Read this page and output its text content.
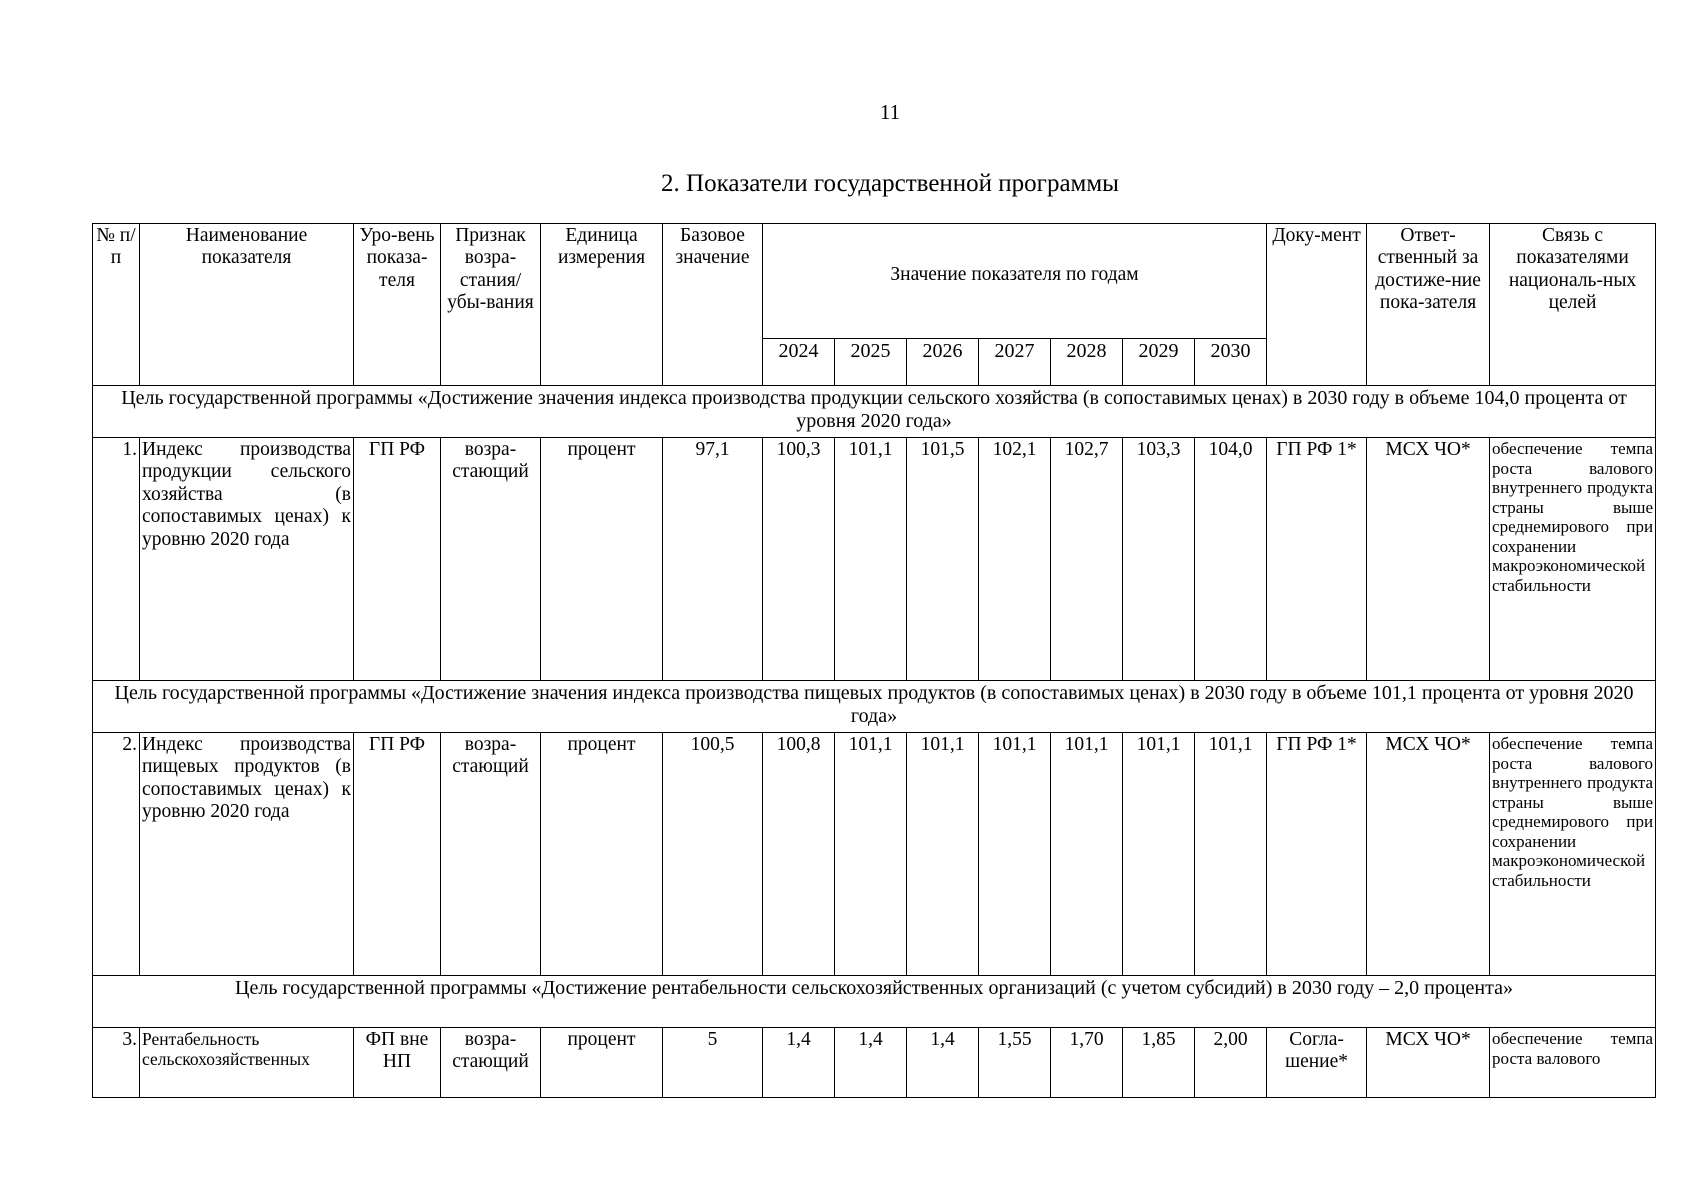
11
2. Показатели государственной программы
№ п/п	Наименование показателя	Уро-вень показа-теля	Признак возра-стания/ убы-вания	Единица измерения	Базовое значение	Значение показателя по годам							Доку-мент	Ответ-ственный за достиже-ние пока-зателя	Связь с показателями националь-ных целей
						2024	2025	2026	2027	2028	2029	2030			
Цель государственной программы «Достижение значения индекса производства продукции сельского хозяйства (в сопоставимых ценах) в 2030 году в объеме 104,0 процента от уровня 2020 года»															
1.	Индекс производства продукции сельского хозяйства (в сопоставимых ценах) к уровню 2020 года	ГП РФ	возра-стающий	процент	97,1	100,3	101,1	101,5	102,1	102,7	103,3	104,0	ГП РФ 1*	МСХ ЧО*	обеспечение темпа роста валового внутреннего продукта страны выше среднемирового при сохранении макроэкономической стабильности
Цель государственной программы «Достижение значения индекса производства пищевых продуктов (в сопоставимых ценах) в 2030 году в объеме 101,1 процента от уровня 2020 года»															
2.	Индекс производства пищевых продуктов (в сопоставимых ценах) к уровню 2020 года	ГП РФ	возра-стающий	процент	100,5	100,8	101,1	101,1	101,1	101,1	101,1	101,1	ГП РФ 1*	МСХ ЧО*	обеспечение темпа роста валового внутреннего продукта страны выше среднемирового при сохранении макроэкономической стабильности
Цель государственной программы «Достижение рентабельности сельскохозяйственных организаций (с учетом субсидий) в 2030 году – 2,0 процента»															
3.	Рентабельность сельскохозяйственных	ФП вне НП	возра-стающий	процент	5	1,4	1,4	1,4	1,55	1,70	1,85	2,00	Согла-шение*	МСХ ЧО*	обеспечение темпа роста валового
